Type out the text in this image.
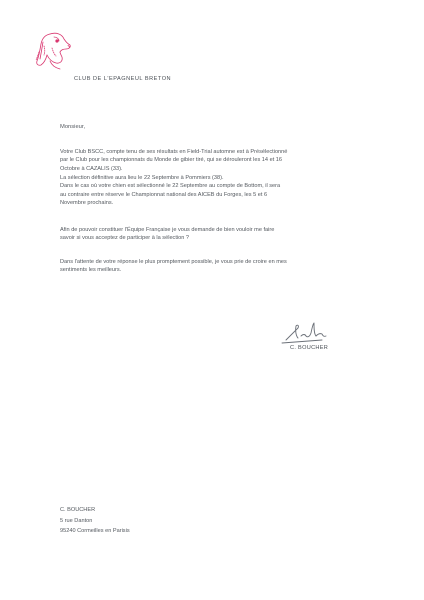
CLUB DE L'EPAGNEUL BRETON
Monsieur,

Votre Club BSCC, compte tenu de ses résultats en Field-Trial automne est à Présélectionné

par le Club pour les championnats du Monde de gibier tiré, qui se dérouleront les 14 et 16

Octobre à CAZALIS (33).

La sélection définitive aura lieu le 22 Septembre à Pommiers (38).

Dans le cas où votre chien est sélectionné le 22 Septembre au compte de Bottom, il sera

au contraire entre réserve le Championnat national des AICEB du Forges, les 5 et 6

Novembre prochains.

Afin de pouvoir constituer l'Équipe Française je vous demande de bien vouloir me faire

savoir si vous acceptez de participer à la sélection ?

Dans l'attente de votre réponse le plus promptement possible, je vous prie de croire en mes

sentiments les meilleurs.

C. BOUCHER
C. BOUCHER
5 rue Danton
95240 Cormeilles en Parisis
